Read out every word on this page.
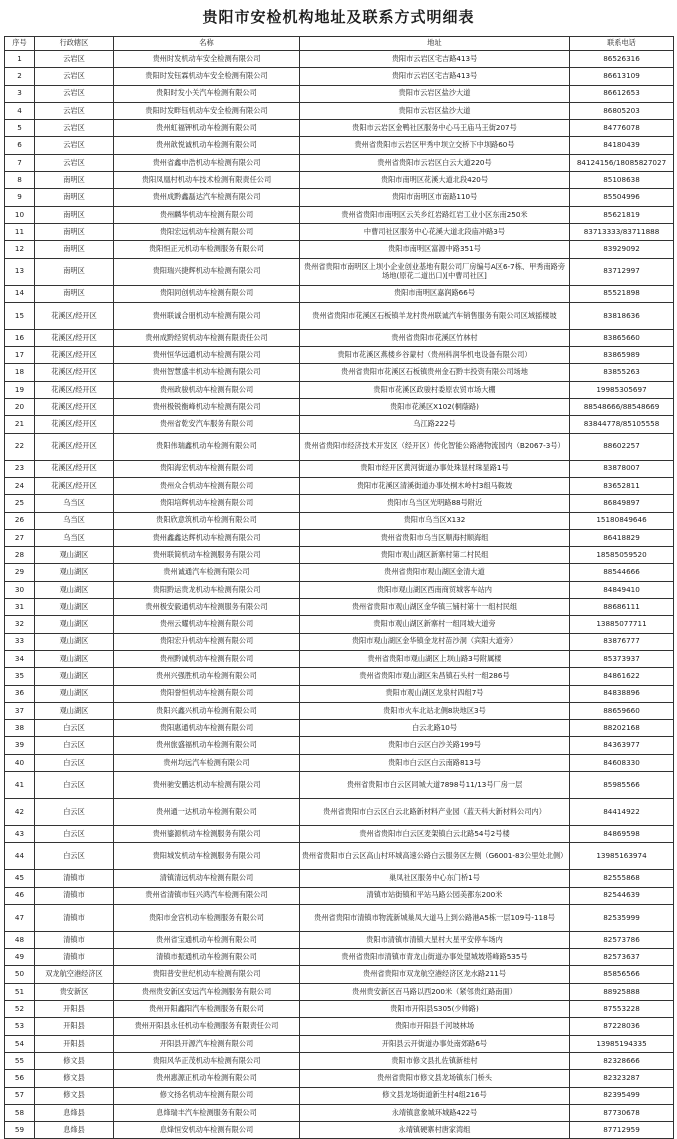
贵阳市安检机构地址及联系方式明细表
序号	行政辖区	名称	地址	联系电话
1	云岩区	贵州时发机动车安全检测有限公司	贵阳市云岩区宅吉路413号	86526316
2	云岩区	贵阳时发钰霖机动车安全检测有限公司	贵阳市云岩区宅吉路413号	86613109
3	云岩区	贵阳时发小关汽车检测有限公司	贵阳市云岩区盐沙大道	86612653
4	云岩区	贵阳时发畔钰机动车安全检测有限公司	贵阳市云岩区盐沙大道	86805203
5	云岩区	贵州虹福钾机动车检测有限公司	贵阳市云岩区金鸭社区服务中心马王庙马王街207号	84776078
6	云岩区	贵州歆悦诚机动车检测有限公司	贵州省贵阳市云岩区甲秀中坝立交桥下中坝路60号	84180439
7	云岩区	贵州省鑫申浩机动车检测有限公司	贵州省贵阳市云岩区白云大道220号	84124156/18085827027
8	南明区	贵阳凤凰村机动车技术检测有限责任公司	贵阳市南明区花溪大道北段420号	85108638
9	南明区	贵州成黔鑫磊达汽车检测有限公司	贵阳市南明区市南路110号	85504996
10	南明区	贵州麟华机动车检测有限公司	贵州省贵阳市南明区云关乡红岩路红岩工业小区东南250米	85621819
11	南明区	贵阳宏远机动车检测有限公司	中曹司社区服务中心花溪大道北段庙冲路3号	83713333/83711888
12	南明区	贵阳恒正元机动车检测服务有限公司	贵阳市南明区富源中路351号	83929092
13	南明区	贵阳瑞兴捷辉机动车检测有限公司	贵州省贵阳市南明区上坝小企业创业基地有限公司厂房编号A区6-7栋、甲秀南路旁场地(原花二道出口)[中曹司社区]	83712997
14	南明区	贵阳同创机动车检测有限公司	贵阳市南明区嘉润路66号	85521898
15	花溪区/经开区	贵州联诚合朋机动车检测有限公司	贵州省贵阳市花溪区石板镇羊龙村贵州联诚汽车销售服务有限公司区域摇楼坡	83818636
16	花溪区/经开区	贵州成黔经贸机动车检测有限责任公司	贵州省贵阳市花溪区竹林村	83865660
17	花溪区/经开区	贵州恒华远通机动车检测有限公司	贵阳市花溪区燕楼乡谷蒙村（贵州科润华机电设备有限公司）	83865989
18	花溪区/经开区	贵州智慧盛丰机动车检测有限公司	贵州省贵阳市花溪区石板镇贵州金石黔丰投资有限公司场地	83855263
19	花溪区/经开区	贵州政骏机动车检测有限公司	贵阳市花溪区政骏村委原农贸市场大棚	19985305697
20	花溪区/经开区	贵州极锐衡峰机动车检测有限公司	贵阳市花溪区X102(桐蔭路)	88548666/88548669
21	花溪区/经开区	贵州省乾安汽车服务有限公司	乌江路222号	83844778/85105558
22	花溪区/经开区	贵阳伟瑞鑫机动车检测有限公司	贵州省贵阳市经济技术开发区（经开区）传化智能公路港物流园内（B2067-3号）	88602257
23	花溪区/经开区	贵阳海宏机动车检测有限公司	贵阳市经开区黄河街道办事处珠显村珠显路1号	83878007
24	花溪区/经开区	贵州众合机动车检测有限公司	贵阳市花溪区清溪街道办事处桐木岭村3组马鞍坡	83652811
25	乌当区	贵阳培辉机动车检测有限公司	贵阳市乌当区光明路88号附近	86849897
26	乌当区	贵阳欣意筑机动车检测有限公司	贵阳市乌当区X132	15180849646
27	乌当区	贵州鑫鑫达辉机动车检测有限公司	贵州省贵阳市乌当区顺海村顺海组	86418829
28	观山湖区	贵州联简机动车检测服务有限公司	贵阳市观山湖区新寨村第二村民组	18585059520
29	观山湖区	贵州诚通汽车检测有限公司	贵州省贵阳市观山湖区金清大道	88544666
30	观山湖区	贵阳黔运贵龙机动车检测有限公司	贵阳市观山湖区西南商贸城客车站内	84849410
31	观山湖区	贵州极安毅通机动车检测服务有限公司	贵州省贵阳市观山湖区金华镇三铺村第十一组村民组	88686111
32	观山湖区	贵州云耀机动车检测有限公司	贵阳市观山湖区新寨村一组同城大道旁	13885077711
33	观山湖区	贵阳宏升机动车检测有限公司	贵阳市观山湖区金华镇金龙村苗沙洞（宾阳大道旁）	83876777
34	观山湖区	贵州黔诚机动车检测有限公司	贵州省贵阳市观山湖区上坝山路3号附属楼	85373937
35	观山湖区	贵州兴强胜机动车检测有限公司	贵州省贵阳市观山湖区朱昌镇石头村一组286号	84861622
36	观山湖区	贵阳誉恒机动车检测有限公司	贵阳市观山湖区龙泉村四组7号	84838896
37	观山湖区	贵阳兴鑫兴机动车检测有限公司	贵阳市火车北站北侧8块地区3号	88659660
38	白云区	贵阳惠通机动车检测有限公司	白云北路10号	88202168
39	白云区	贵州旅盛福机动车检测有限公司	贵阳市白云区白沙关路199号	84363977
40	白云区	贵州均远汽车检测有限公司	贵阳市白云区白云南路813号	84608330
41	白云区	贵州驰安鹏达机动车检测有限公司	贵州省贵阳市白云区同城大道7898号11/13号厂房一层	85985566
42	白云区	贵州通一达机动车检测有限公司	贵州省贵阳市白云区白云北路新材料产业园（蓝天科大新材料公司内）	84414922
43	白云区	贵州鎏源机动车检测服务有限公司	贵州省贵阳市白云区麦架镇白云北路54号2号楼	84869598
44	白云区	贵阳城发机动车检测服务有限公司	贵州省贵阳市白云区高山村环城高速公路白云服务区左侧（G6001-83公里处北侧）	13985163974
45	清镇市	清镇清远机动车检测有限公司	巢凤社区服务中心东门桥1号	82555868
46	清镇市	贵州省清镇市钰兴鸿汽车检测有限公司	清镇市站街镇和平站马路公园美都东200米	82544639
47	清镇市	贵阳市金宫机动车检测服务有限公司	贵州省贵阳市清镇市物流新城巢凤大道马上到公路港A5栋一层109号-118号	82535999
48	清镇市	贵州省宝通机动车检测有限公司	贵阳市清镇市清镇大星村大星平安停车场内	82573786
49	清镇市	清镇市振通机动车检测有限公司	贵州省贵阳市清镇市青龙山街道办事处望城坡塔峰路535号	82573637
50	双龙航空港经济区	贵阳普安世纪机动车检测有限公司	贵州省贵阳市双龙航空港经济区龙水路211号	85856566
51	贵安新区	贵州贵安新区安远汽车检测服务有限公司	贵州贵安新区百马路以西200米（紧邻贵红路南面）	88925888
52	开阳县	贵州开阳鑫阳汽车检测服务有限公司	贵阳市开阳县S305(少帅路)	87553228
53	开阳县	贵州开阳县永任机动车检测服务有限责任公司	贵阳市开阳县千河坡林场	87228036
54	开阳县	开阳县开源汽车检测有限公司	开阳县云开街道办事处南郊路6号	13985194335
55	修文县	贵阳风华正茂机动车检测有限公司	贵阳市修文县扎佐镇新桂村	82328666
56	修文县	贵州惠源正机动车检测有限公司	贵州省贵阳市修文县龙场镇东门桥头	82323287
57	修文县	修文扬名机动车检测有限公司	修文县龙场街道新生村4组216号	82395499
58	息烽县	息烽瑞丰汽车检测服务有限公司	永靖镇意象城环城路422号	87730678
59	息烽县	息烽恒安机动车检测有限公司	永靖镇硬寨村唐家湾组	87712959
